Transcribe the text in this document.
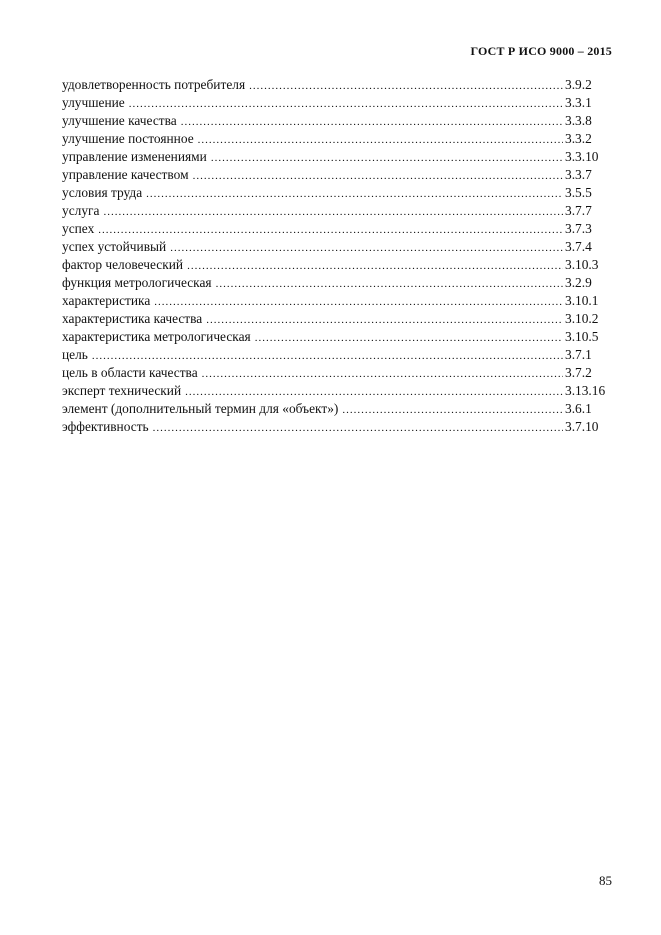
ГОСТ Р ИСО 9000 – 2015
удовлетворенность потребителя .....	3.9.2
улучшение .....	3.3.1
улучшение качества .....	3.3.8
улучшение постоянное .....	3.3.2
управление изменениями .....	3.3.10
управление качеством .....	3.3.7
условия труда .....	3.5.5
услуга .....	3.7.7
успех .....	3.7.3
успех устойчивый .....	3.7.4
фактор человеческий .....	3.10.3
функция метрологическая .....	3.2.9
характеристика .....	3.10.1
характеристика качества .....	3.10.2
характеристика метрологическая .....	3.10.5
цель .....	3.7.1
цель в области качества .....	3.7.2
эксперт технический .....	3.13.16
элемент (дополнительный термин для «объект») .....	3.6.1
эффективность .....	3.7.10
85
